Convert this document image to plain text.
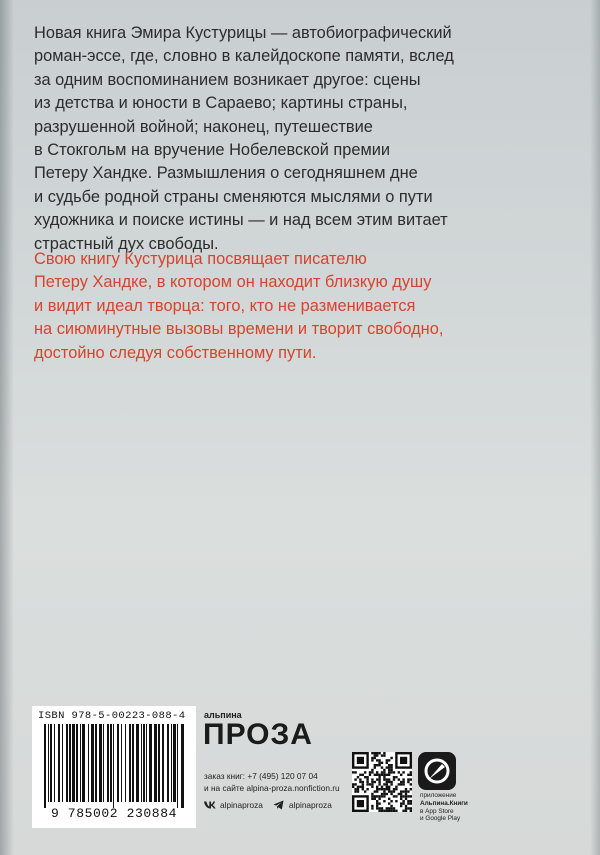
Новая книга Эмира Кустурицы — автобиографический
роман-эссе, где, словно в калейдоскопе памяти, вслед
за одним воспоминанием возникает другое: сцены
из детства и юности в Сараево; картины страны,
разрушенной войной; наконец, путешествие
в Стокгольм на вручение Нобелевской премии
Петеру Хандке. Размышления о сегодняшнем дне
и судьбе родной страны сменяются мыслями о пути
художника и поиске истины — и над всем этим витает
страстный дух свободы.

Свою книгу Кустурица посвящает писателю
Петеру Хандке, в котором он находит близкую душу
и видит идеал творца: того, кто не разменивается
на сиюминутные вызовы времени и творит свободно,
достойно следуя собственному пути.

ISBN 978-5-00223-088-4
9 785002 230884
альпина
ПРОЗА
заказ книг: +7 (495) 120 07 04
и на сайте alpina-proza.nonfiction.ru
alpinaproza	alpinaproza
приложение
Альпина.Книги
в App Store
и Google Play
